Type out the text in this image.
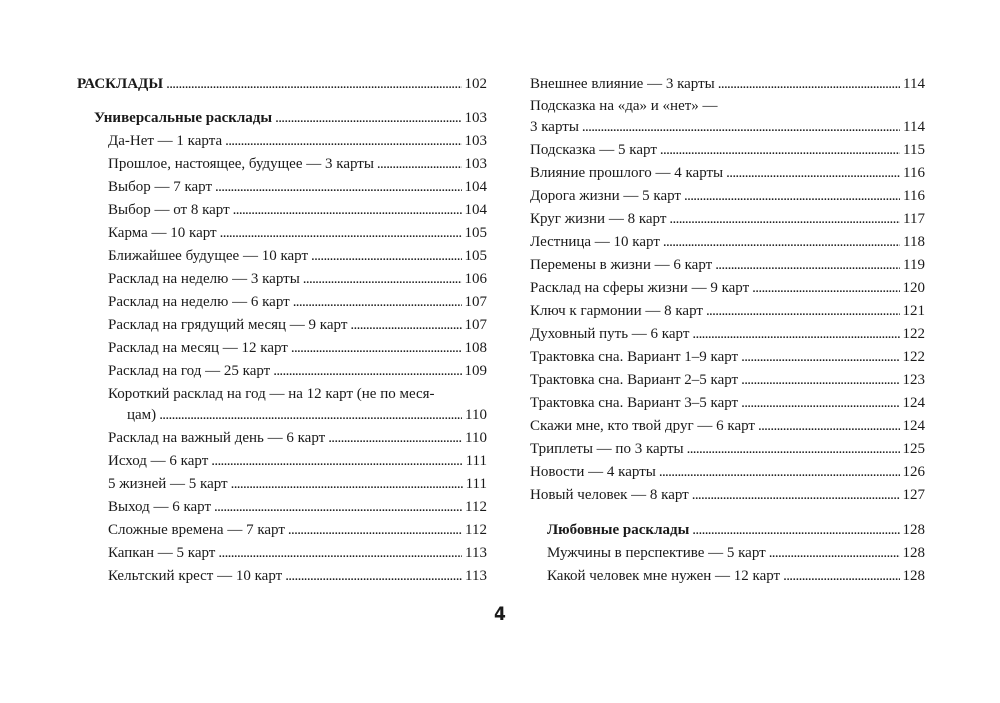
РАСКЛАДЫ . . .	102
Универсальные расклады . . .	103
Да-Нет — 1 карта . . .	103
Прошлое, настоящее, будущее — 3 карты . . .	103
Выбор — 7 карт . . .	104
Выбор — от 8 карт . . .	104
Карма — 10 карт . . .	105
Ближайшее будущее — 10 карт . . .	105
Расклад на неделю — 3 карты . . .	106
Расклад на неделю — 6 карт . . .	107
Расклад на грядущий месяц — 9 карт . . .	107
Расклад на месяц — 12 карт . . .	108
Расклад на год — 25 карт . . .	109
Короткий расклад на год — на 12 карт (не по меся-
цам) . . .	110
Расклад на важный день — 6 карт . . .	110
Исход — 6 карт . . .	111
5 жизней — 5 карт . . .	111
Выход — 6 карт . . .	112
Сложные времена — 7 карт . . .	112
Капкан — 5 карт . . .	113
Кельтский крест — 10 карт . . .	113
Внешнее влияние — 3 карты . . .	114
Подсказка на «да» и «нет» —
3 карты . . .	114
Подсказка — 5 карт . . .	115
Влияние прошлого — 4 карты . . .	116
Дорога жизни — 5 карт . . .	116
Круг жизни — 8 карт . . .	117
Лестница — 10 карт . . .	118
Перемены в жизни — 6 карт . . .	119
Расклад на сферы жизни — 9 карт . . .	120
Ключ к гармонии — 8 карт . . .	121
Духовный путь — 6 карт . . .	122
Трактовка сна. Вариант 1–9 карт . . .	122
Трактовка сна. Вариант 2–5 карт . . .	123
Трактовка сна. Вариант 3–5 карт . . .	124
Скажи мне, кто твой друг — 6 карт . . .	124
Триплеты — по 3 карты . . .	125
Новости — 4 карты . . .	126
Новый человек — 8 карт . . .	127
Любовные расклады . . .	128
Мужчины в перспективе — 5 карт . . .	128
Какой человек мне нужен — 12 карт . . .	128
4
